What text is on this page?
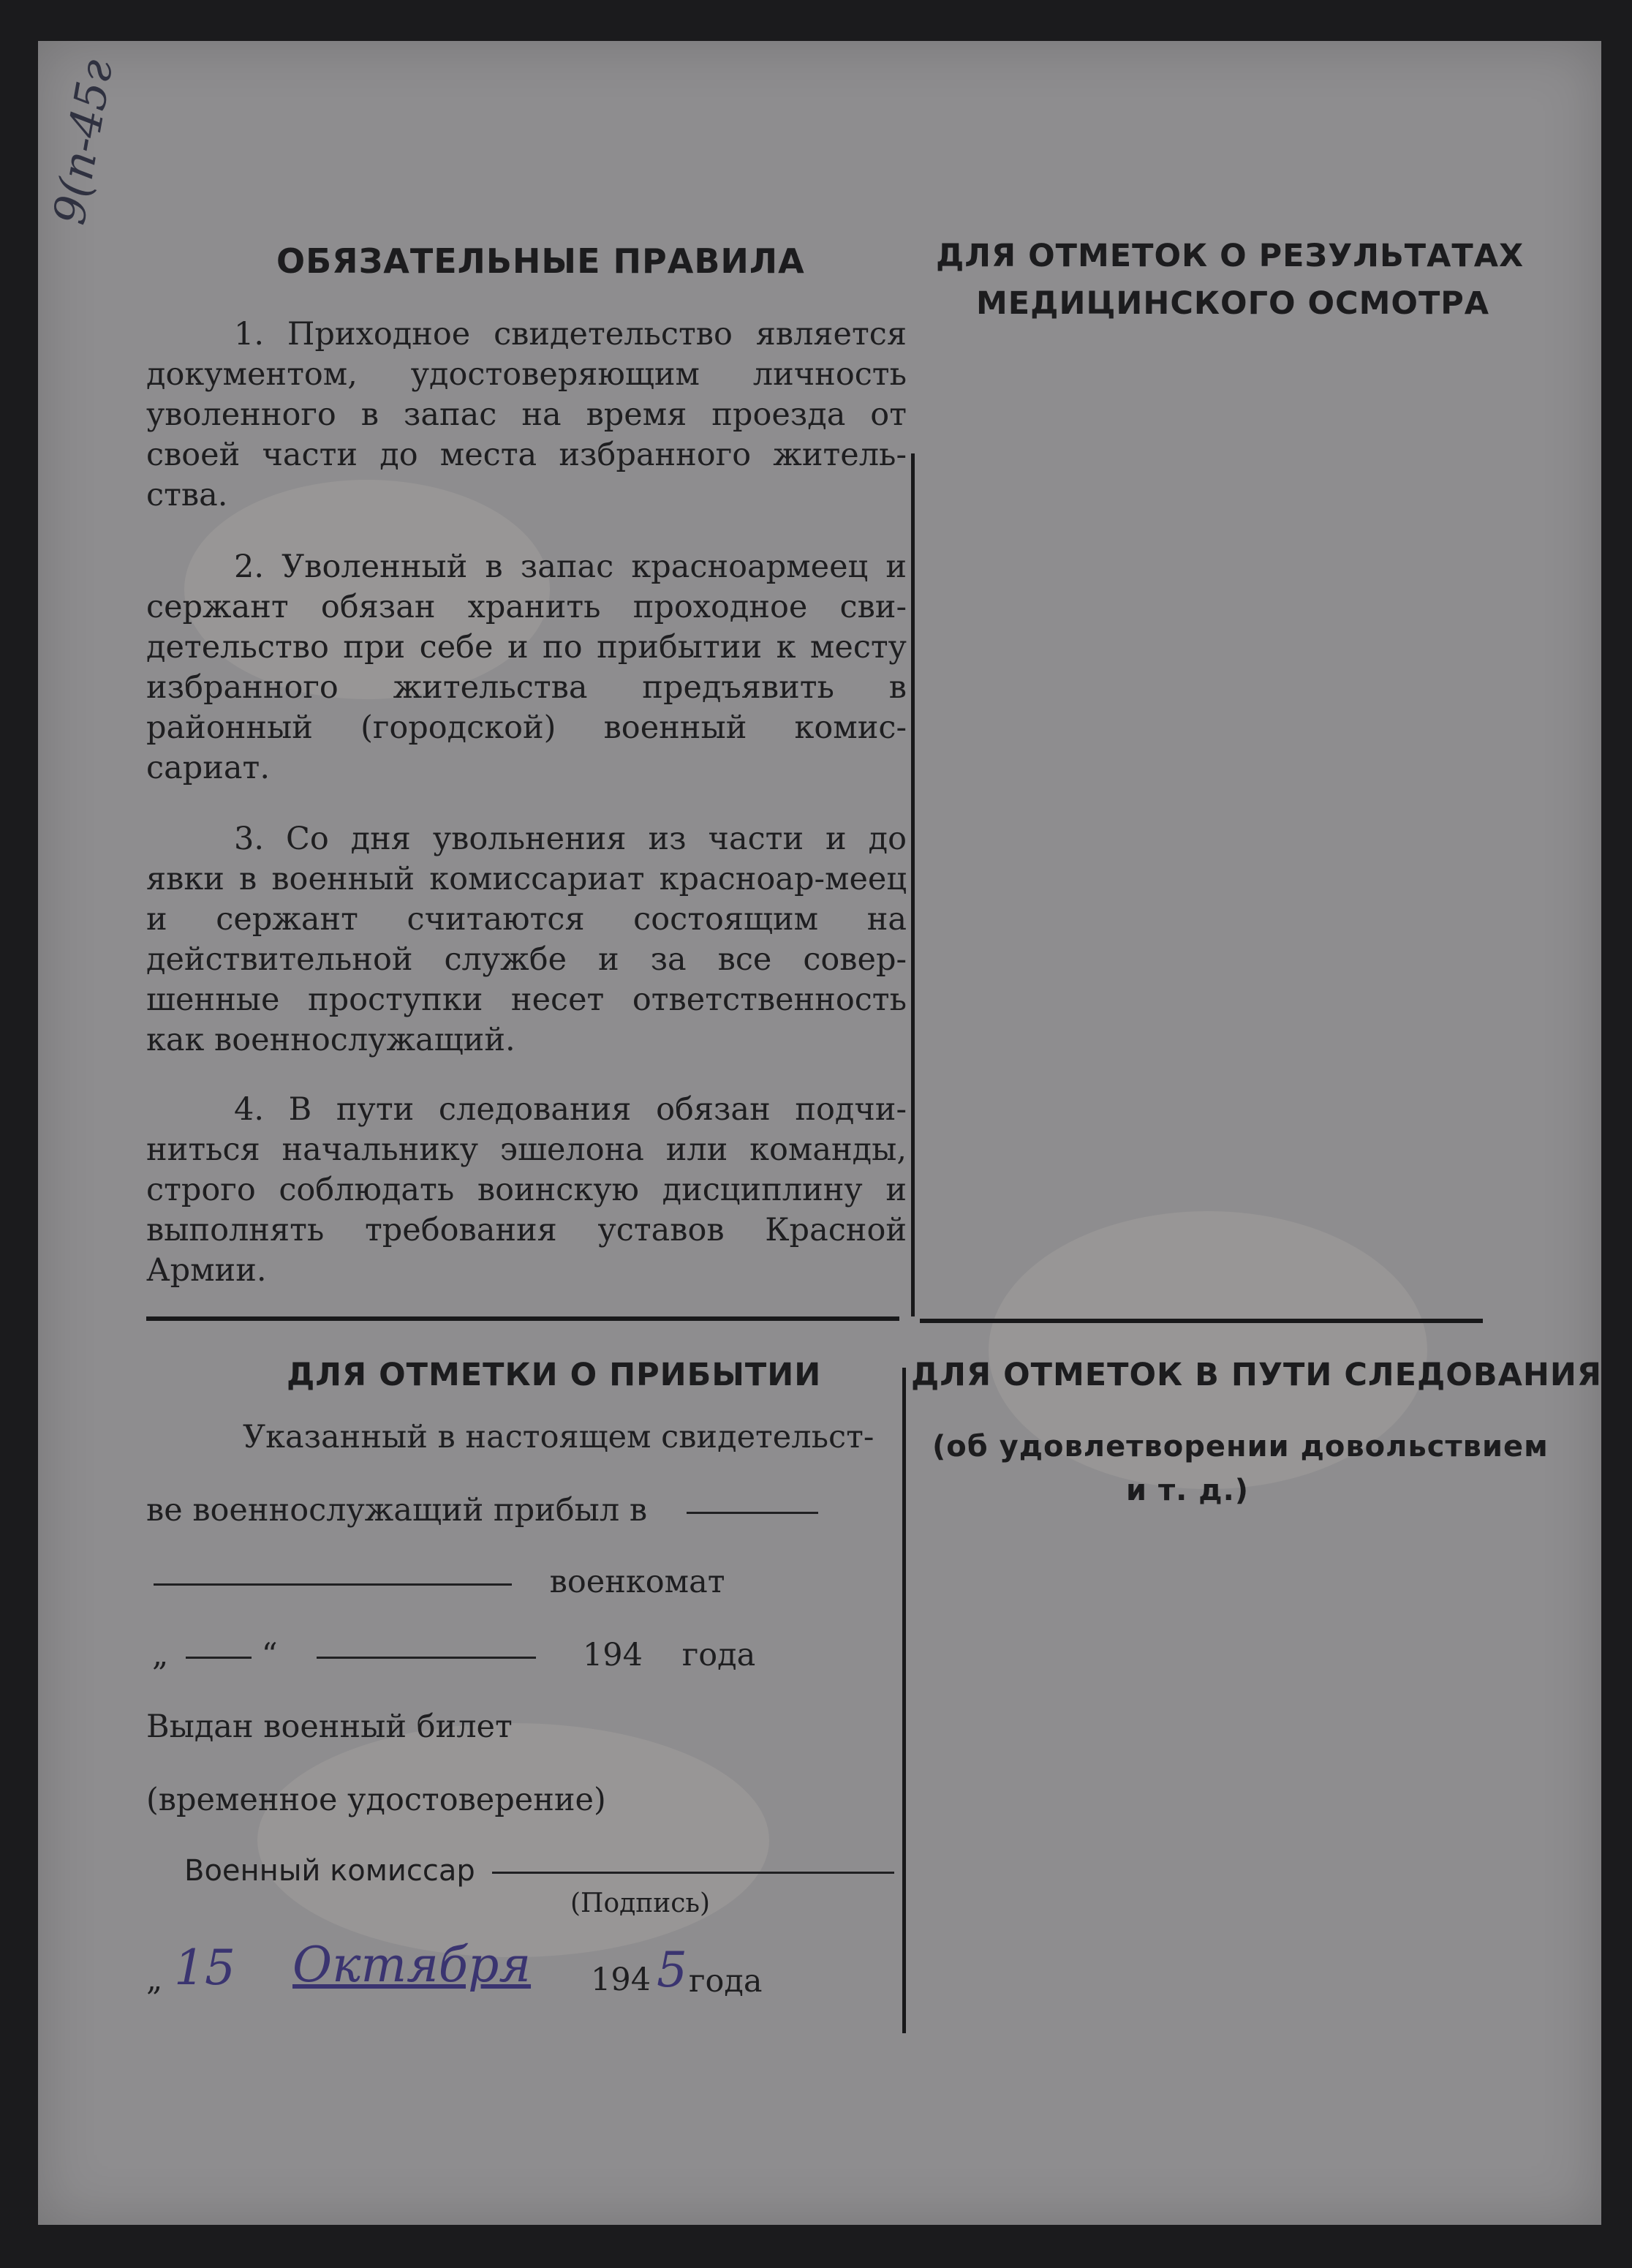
9(п-45г
ОБЯЗАТЕЛЬНЫЕ ПРАВИЛА
1. Приходное свидетельство является документом, удостоверяющим личность уволенного в запас на время проезда от своей части до места избранного житель-ства.
2. Уволенный в запас красноармеец и сержант обязан хранить проходное сви-детельство при себе и по прибытии к месту избранного жительства предъявить в районный (городской) военный комис-сариат.
3. Со дня увольнения из части и до явки в военный комиссариат красноар-меец и сержант считаются состоящим на действительной службе и за все совер-шенные проступки несет ответственность как военнослужащий.
4. В пути следования обязан подчи-ниться начальнику эшелона или команды, строго соблюдать воинскую дисциплину и выполнять требования уставов Красной Армии.
ДЛЯ ОТМЕТОК О РЕЗУЛЬТАТАХ
МЕДИЦИНСКОГО ОСМОТРА
ДЛЯ ОТМЕТКИ О ПРИБЫТИИ
Указанный в настоящем свидетельст-
ве военнослужащий прибыл в
военкомат
„	“	194 года
Выдан военный билет
(временное удостоверение)
Военный комиссар
(Подпись)
„ 15 Октября 194 5 года
ДЛЯ ОТМЕТОК В ПУТИ СЛЕДОВАНИЯ
(об удовлетворении довольствием
и т. д.)
